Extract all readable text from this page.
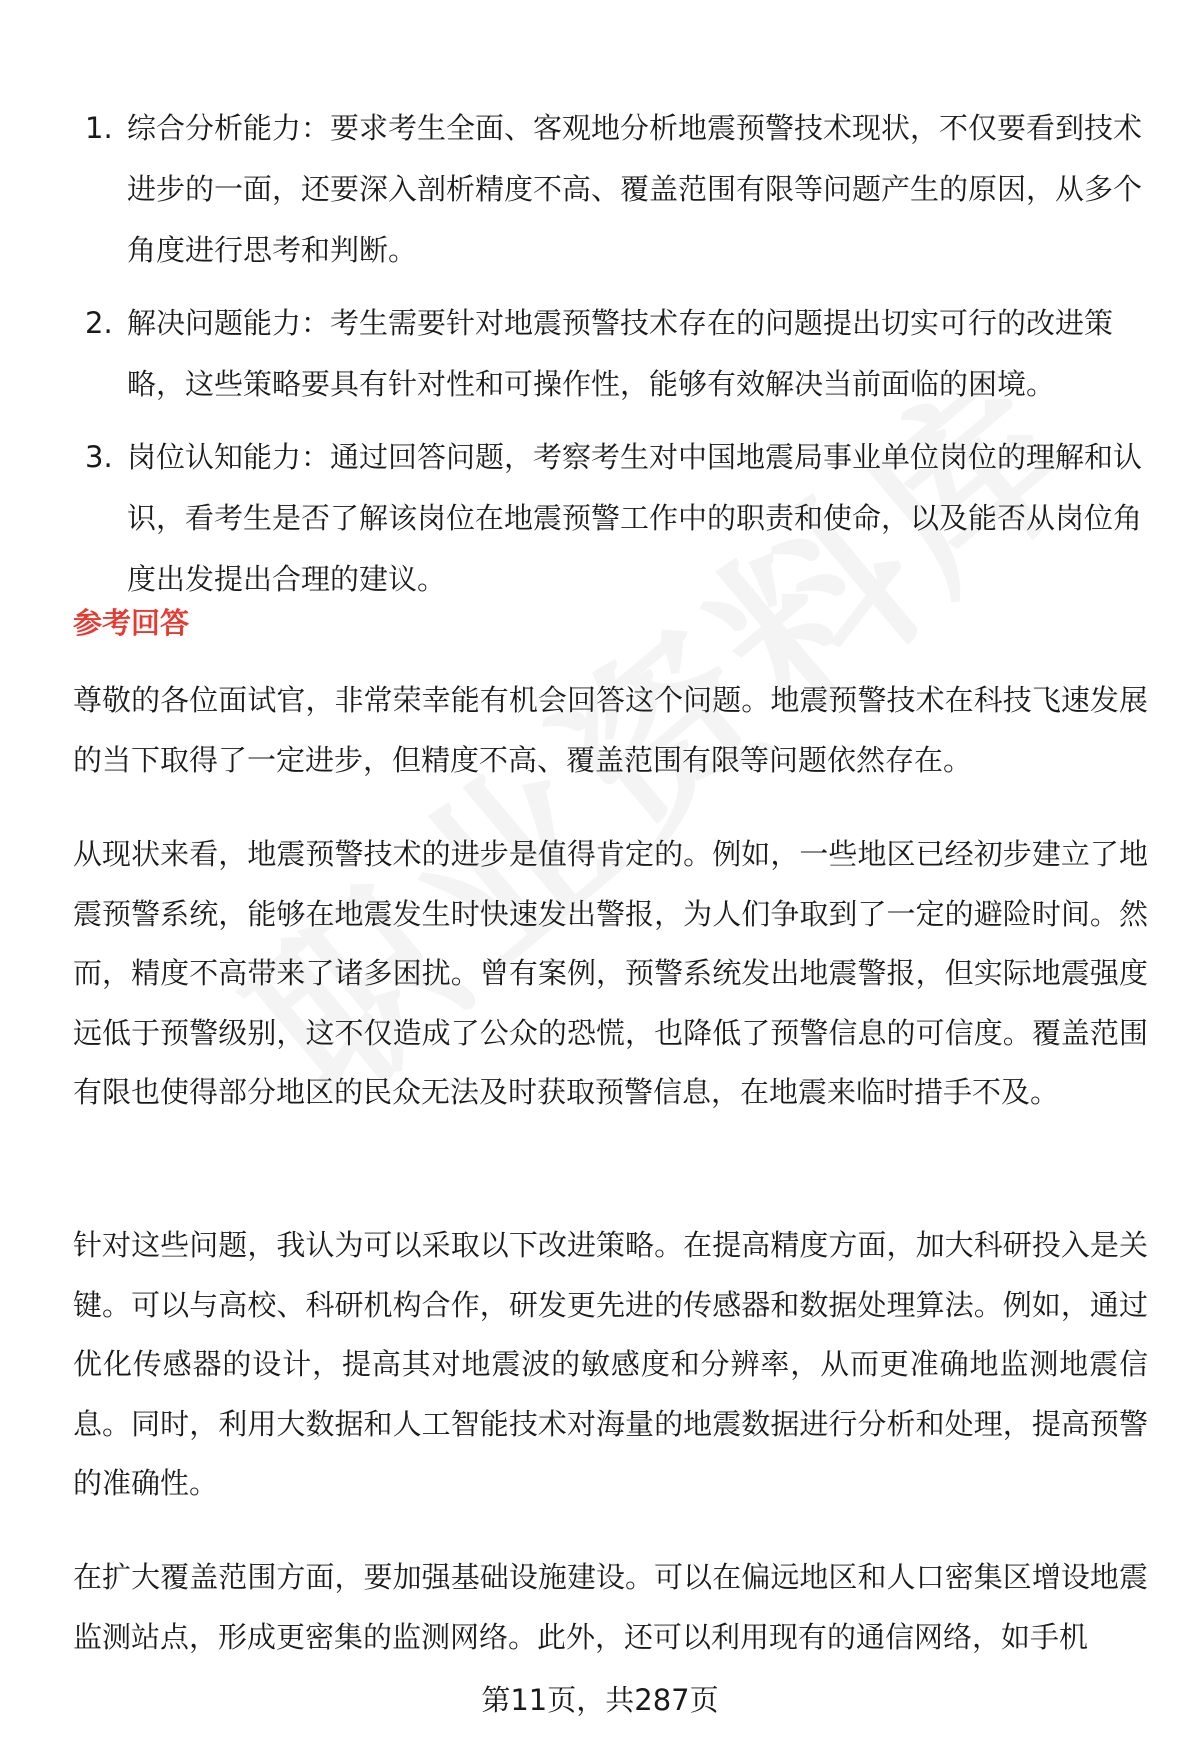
1. 综合分析能力：要求考生全面、客观地分析地震预警技术现状，不仅要看到技术进步的一面，还要深入剖析精度不高、覆盖范围有限等问题产生的原因，从多个角度进行思考和判断。
2. 解决问题能力：考生需要针对地震预警技术存在的问题提出切实可行的改进策略，这些策略要具有针对性和可操作性，能够有效解决当前面临的困境。
3. 岗位认知能力：通过回答问题，考察考生对中国地震局事业单位岗位的理解和认识，看考生是否了解该岗位在地震预警工作中的职责和使命，以及能否从岗位角度出发提出合理的建议。
参考回答

尊敬的各位面试官，非常荣幸能有机会回答这个问题。地震预警技术在科技飞速发展的当下取得了一定进步，但精度不高、覆盖范围有限等问题依然存在。

从现状来看，地震预警技术的进步是值得肯定的。例如，一些地区已经初步建立了地震预警系统，能够在地震发生时快速发出警报，为人们争取到了一定的避险时间。然而，精度不高带来了诸多困扰。曾有案例，预警系统发出地震警报，但实际地震强度远低于预警级别，这不仅造成了公众的恐慌，也降低了预警信息的可信度。覆盖范围有限也使得部分地区的民众无法及时获取预警信息，在地震来临时措手不及。

针对这些问题，我认为可以采取以下改进策略。在提高精度方面，加大科研投入是关键。可以与高校、科研机构合作，研发更先进的传感器和数据处理算法。例如，通过优化传感器的设计，提高其对地震波的敏感度和分辨率，从而更准确地监测地震信息。同时，利用大数据和人工智能技术对海量的地震数据进行分析和处理，提高预警的准确性。

在扩大覆盖范围方面，要加强基础设施建设。可以在偏远地区和人口密集区增设地震监测站点，形成更密集的监测网络。此外，还可以利用现有的通信网络，如手机

第11页，共287页
